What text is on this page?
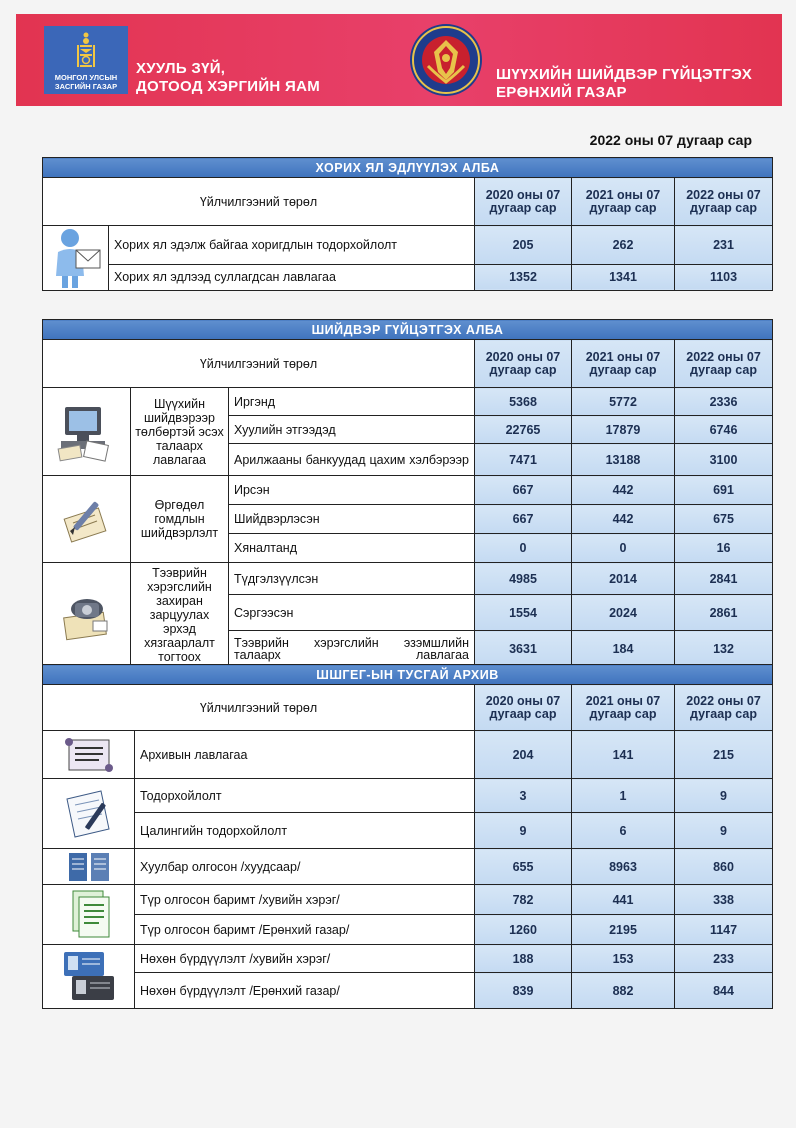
МОНГОЛ УЛСЫН
ЗАСГИЙН ГАЗАР
ХУУЛЬ ЗҮЙ,
ДОТООД ХЭРГИЙН ЯАМ
ШҮҮХИЙН ШИЙДВЭР ГҮЙЦЭТГЭХ
ЕРӨНХИЙ ГАЗАР
2022 оны 07 дугаар сар
ХОРИХ ЯЛ ЭДЛҮҮЛЭХ АЛБА				
Үйлчилгээний төрөл		2020 оны 07 дугаар сар	2021 оны 07 дугаар сар	2022 оны 07 дугаар сар

	Хорих ял эдэлж байгаа хоригдлын тодорхойлолт	205	262	231
	Хорих ял эдлээд суллагдсан лавлагаа	1352	1341	1103
ШИЙДВЭР ГҮЙЦЭТГЭХ АЛБА					
Үйлчилгээний төрөл			2020 оны 07 дугаар сар	2021 оны 07 дугаар сар	2022 оны 07 дугаар сар

	Шүүхийн шийдвэрээр төлбөртэй эсэх талаарх лавлагаа	Иргэнд	5368	5772	2336
		Хуулийн этгээдэд	22765	17879	6746
		Арилжааны банкуудад цахим хэлбэрээр	7471	13188	3100

	Өргөдөл гомдлын шийдвэрлэлт	Ирсэн	667	442	691
		Шийдвэрлэсэн	667	442	675
		Хяналтанд	0	0	16

	Тээврийн хэрэгслийн захиран зарцуулах эрхэд хязгаарлалт тогтоох	Түдгэлзүүлсэн	4985	2014	2841
		Сэргээсэн	1554	2024	2861
		Тээврийн хэрэгслийн эзэмшлийн талаарх лавлагаа	3631	184	132
ШШГЕГ-ЫН ТУСГАЙ АРХИВ				
Үйлчилгээний төрөл		2020 оны 07 дугаар сар	2021 оны 07 дугаар сар	2022 оны 07 дугаар сар

	Архивын лавлагаа	204	141	215

	Тодорхойлолт	3	1	9
	Цалингийн тодорхойлолт	9	6	9

	Хуулбар олгосон /хуудсаар/	655	8963	860

	Түр олгосон баримт /хувийн хэрэг/	782	441	338
	Түр олгосон баримт /Ерөнхий газар/	1260	2195	1147

	Нөхөн бүрдүүлэлт /хувийн хэрэг/	188	153	233
	Нөхөн бүрдүүлэлт /Ерөнхий газар/	839	882	844
